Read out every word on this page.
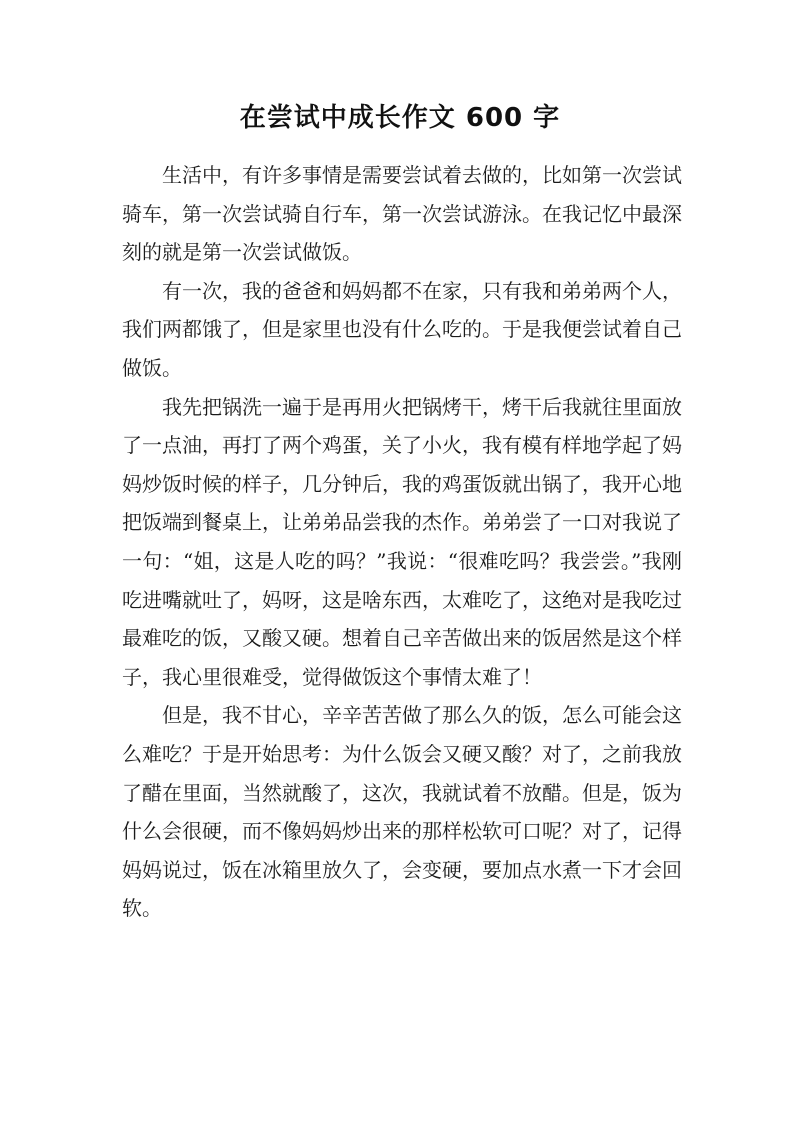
在尝试中成长作文 600 字

生活中，有许多事情是需要尝试着去做的，比如第一次尝试骑车，第一次尝试骑自行车，第一次尝试游泳。在我记忆中最深刻的就是第一次尝试做饭。

有一次，我的爸爸和妈妈都不在家，只有我和弟弟两个人，我们两都饿了，但是家里也没有什么吃的。于是我便尝试着自己做饭。

我先把锅洗一遍于是再用火把锅烤干，烤干后我就往里面放了一点油，再打了两个鸡蛋，关了小火，我有模有样地学起了妈妈炒饭时候的样子，几分钟后，我的鸡蛋饭就出锅了，我开心地把饭端到餐桌上，让弟弟品尝我的杰作。弟弟尝了一口对我说了一句：“姐，这是人吃的吗？”我说：“很难吃吗？我尝尝。”我刚吃进嘴就吐了，妈呀，这是啥东西，太难吃了，这绝对是我吃过最难吃的饭，又酸又硬。想着自己辛苦做出来的饭居然是这个样子，我心里很难受，觉得做饭这个事情太难了！

但是，我不甘心，辛辛苦苦做了那么久的饭，怎么可能会这么难吃？于是开始思考：为什么饭会又硬又酸？对了，之前我放了醋在里面，当然就酸了，这次，我就试着不放醋。但是，饭为什么会很硬，而不像妈妈炒出来的那样松软可口呢？对了，记得妈妈说过，饭在冰箱里放久了，会变硬，要加点水煮一下才会回软。
